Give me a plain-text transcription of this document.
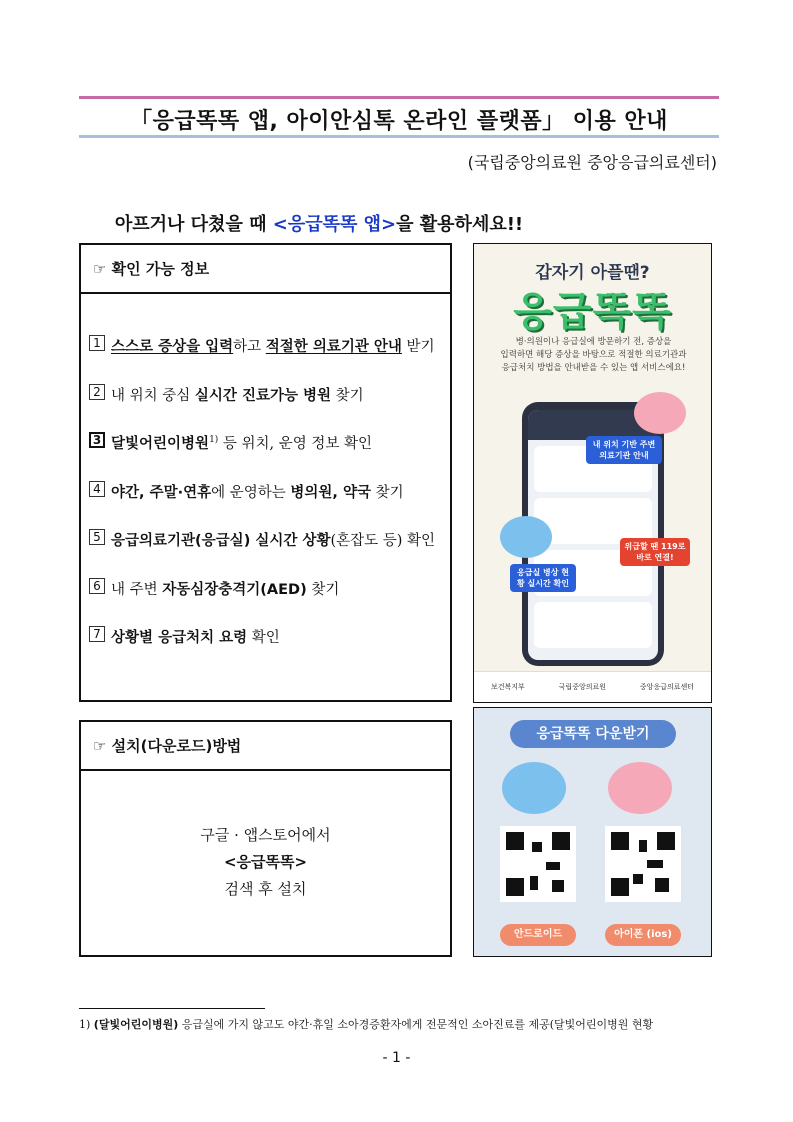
「응급똑똑 앱, 아이안심톡 온라인 플랫폼」 이용 안내
(국립중앙의료원 중앙응급의료센터)
아프거나 다쳤을 때 <응급똑똑 앱>을 활용하세요!!
☞ 확인 가능 정보
1 스스로 증상을 입력하고 적절한 의료기관 안내 받기
2 내 위치 중심 실시간 진료가능 병원 찾기
3 달빛어린이병원$^{1)}$ 등 위치, 운영 정보 확인
4 야간, 주말·연휴에 운영하는 병의원, 약국 찾기
5 응급의료기관(응급실) 실시간 상황(혼잡도 등) 확인
6 내 주변 자동심장충격기(AED) 찾기
7 상황별 응급처치 요령 확인
☞ 설치(다운로드)방법
구글 · 앱스토어에서
<응급똑똑>
검색 후 설치
갑자기 아플땐?
응급똑똑
병·의원이나 응급실에 방문하기 전, 증상을
입력하면 해당 증상을 바탕으로 적절한 의료기관과
응급처치 방법을 안내받을 수 있는 앱 서비스에요!
내 위치 기반 주변 의료기관 안내
응급실 병상 현황 실시간 확인
위급할 땐 119로 바로 연결!
보건복지부	국립중앙의료원	중앙응급의료센터
응급똑똑 다운받기
안드로이드	아이폰 (ios)
1) (달빛어린이병원) 응급실에 가지 않고도 야간·휴일 소아경증환자에게 전문적인 소아진료를 제공(달빛어린이병원 현황
- 1 -
